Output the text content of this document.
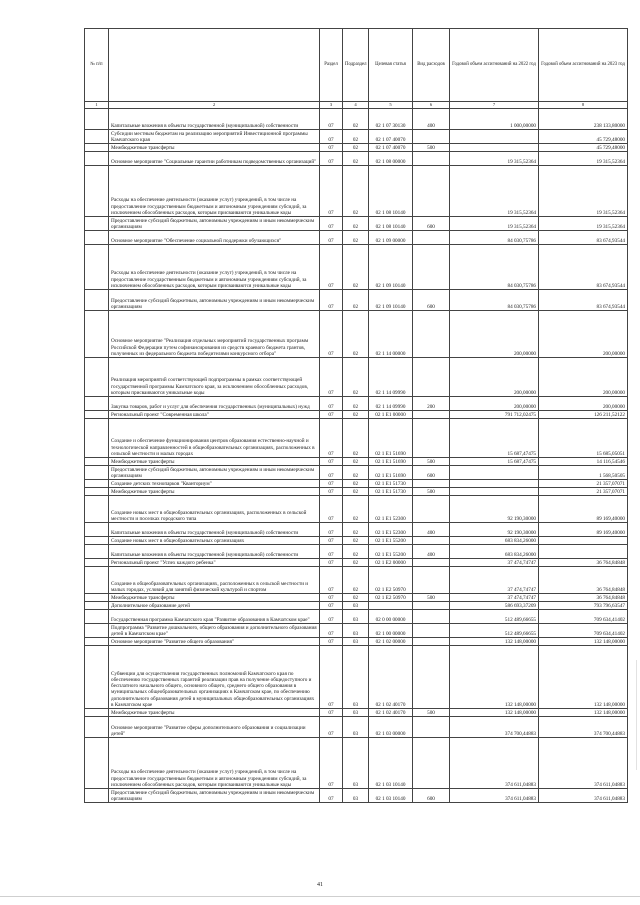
№ п/п		Раздел	Подраздел	Целевая статья	Вид расходов	Годовой объем ассигнований на 2022 год	Годовой объем ассигнований на 2023 год
1	2	3	4	5	6	7	8
	Капитальные вложения в объекты государственной (муниципальной) собственности	07	02	02 1 07 30130	400	1 000,00000	238 133,80000
	Субсидии местным бюджетам на реализацию мероприятий Инвестиционной программы Камчатского края	07	02	02 1 07 40070			45 729,48000
	Межбюджетные трансферты	07	02	02 1 07 40070	500		45 729,48000
	Основное мероприятие "Социальные гарантии работникам подведомственных организаций"	07	02	02 1 08 00000		19 315,52364	19 315,52364
	Расходы на обеспечение деятельности (оказание услуг) учреждений, в том числе на предоставление государственным бюджетным и автономным учреждениям субсидий, за исключением обособленных расходов, которым присваиваются уникальные коды	07	02	02 1 08 10140		19 315,52364	19 315,52364
	Предоставление субсидий бюджетным, автономным учреждениям и иным некоммерческим организациям	07	02	02 1 08 10140	600	19 315,52364	19 315,52364
	Основное мероприятие "Обеспечение социальной поддержки обучающихся"	07	02	02 1 09 00000		84 030,75786	83 674,93544
	Расходы на обеспечение деятельности (оказание услуг) учреждений, в том числе на предоставление государственным бюджетным и автономным учреждениям субсидий, за исключением обособленных расходов, которым присваиваются уникальные коды	07	02	02 1 09 10140		84 030,75786	83 674,93544
	Предоставление субсидий бюджетным, автономным учреждениям и иным некоммерческим организациям	07	02	02 1 09 10140	600	84 030,75786	83 674,93544
	Основное мероприятие "Реализация отдельных мероприятий государственных программ Российской Федерации путем софинансирования из средств краевого бюджета грантов, полученных из федерального бюджета победителями конкурсного отбора"	07	02	02 1 14 00000		200,00000	200,00000
	Реализация мероприятий соответствующей подпрограммы в рамках соответствующей государственной программы Камчатского края, за исключением обособленных расходов, которым присваиваются уникальные коды	07	02	02 1 14 09990		200,00000	200,00000
	Закупка товаров, работ и услуг для обеспечения государственных (муниципальных) нужд	07	02	02 1 14 09990	200	200,00000	200,00000
	Региональный проект "Современная школа"	07	02	02 1 E1 00000		791 712,02475	126 211,52122
	Создание и обеспечение функционирования центров образования естественно-научной и технологической направленностей в общеобразовательных организациях, расположенных в сельской местности и малых городах	07	02	02 1 E1 51690		15 687,47475	15 685,05051
	Межбюджетные трансферты	07	02	02 1 E1 51690	500	15 687,47475	14 116,54546
	Предоставление субсидий бюджетным, автономным учреждениям и иным некоммерческим организациям	07	02	02 1 E1 51690	600		1 568,50505
	Создание детских технопарков "Кванториум"	07	02	02 1 E1 51730			21 357,07071
	Межбюджетные трансферты	07	02	02 1 E1 51730	500		21 357,07071
	Создание новых мест в общеобразовательных организациях, расположенных в сельской местности и поселках городского типа	07	02	02 1 E1 52300		92 190,30000	89 169,40000
	Капитальные вложения в объекты государственной (муниципальной) собственности	07	02	02 1 E1 52300	400	92 190,30000	89 169,40000
	Создание новых мест в общеобразовательных организациях	07	02	02 1 E1 55200		683 834,26000	
	Капитальные вложения в объекты государственной (муниципальной) собственности	07	02	02 1 E1 55200	400	683 834,26000	
	Региональный проект "Успех каждого ребенка"	07	02	02 1 E2 00000		37 474,74747	36 764,84848
	Создание в общеобразовательных организациях, расположенных в сельской местности и малых городах, условий для занятий физической культурой и спортом	07	02	02 1 E2 50970		37 474,74747	36 764,84848
	Межбюджетные трансферты	07	02	02 1 E2 50970	500	37 474,74747	36 764,84848
	Дополнительное образование детей	07	03			586 693,37209	793 796,63547
	Государственная программа Камчатского края "Развитие образования в Камчатском крае"	07	03	02 0 00 00000		512 489,66655	709 634,41402
	Подпрограмма "Развитие дошкольного, общего образования и дополнительного образования детей в Камчатском крае"	07	03	02 1 00 00000		512 489,66655	709 634,41402
	Основное мероприятие "Развитие общего образования"	07	03	02 1 02 00000		132 148,00000	132 148,00000
	Субвенции для осуществления государственных полномочий Камчатского края по обеспечению государственных гарантий реализации прав на получение общедоступного и бесплатного начального общего, основного общего, среднего общего образования в муниципальных общеобразовательных организациях в Камчатском крае, по обеспечению дополнительного образования детей в муниципальных общеобразовательных организациях в Камчатском крае	07	03	02 1 02 40170		132 148,00000	132 148,00000
	Межбюджетные трансферты	07	03	02 1 02 40170	500	132 148,00000	132 148,00000
	Основное мероприятие "Развитие сферы дополнительного образования и социализации детей"	07	03	02 1 03 00000		374 700,44883	374 700,44883
	Расходы на обеспечение деятельности (оказание услуг) учреждений, в том числе на предоставление государственным бюджетным и автономным учреждениям субсидий, за исключением обособленных расходов, которым присваиваются уникальные коды	07	03	02 1 03 10140		374 611,04883	374 611,04883
	Предоставление субсидий бюджетным, автономным учреждениям и иным некоммерческим организациям	07	03	02 1 03 10140	600	374 611,04883	374 611,04883
41
